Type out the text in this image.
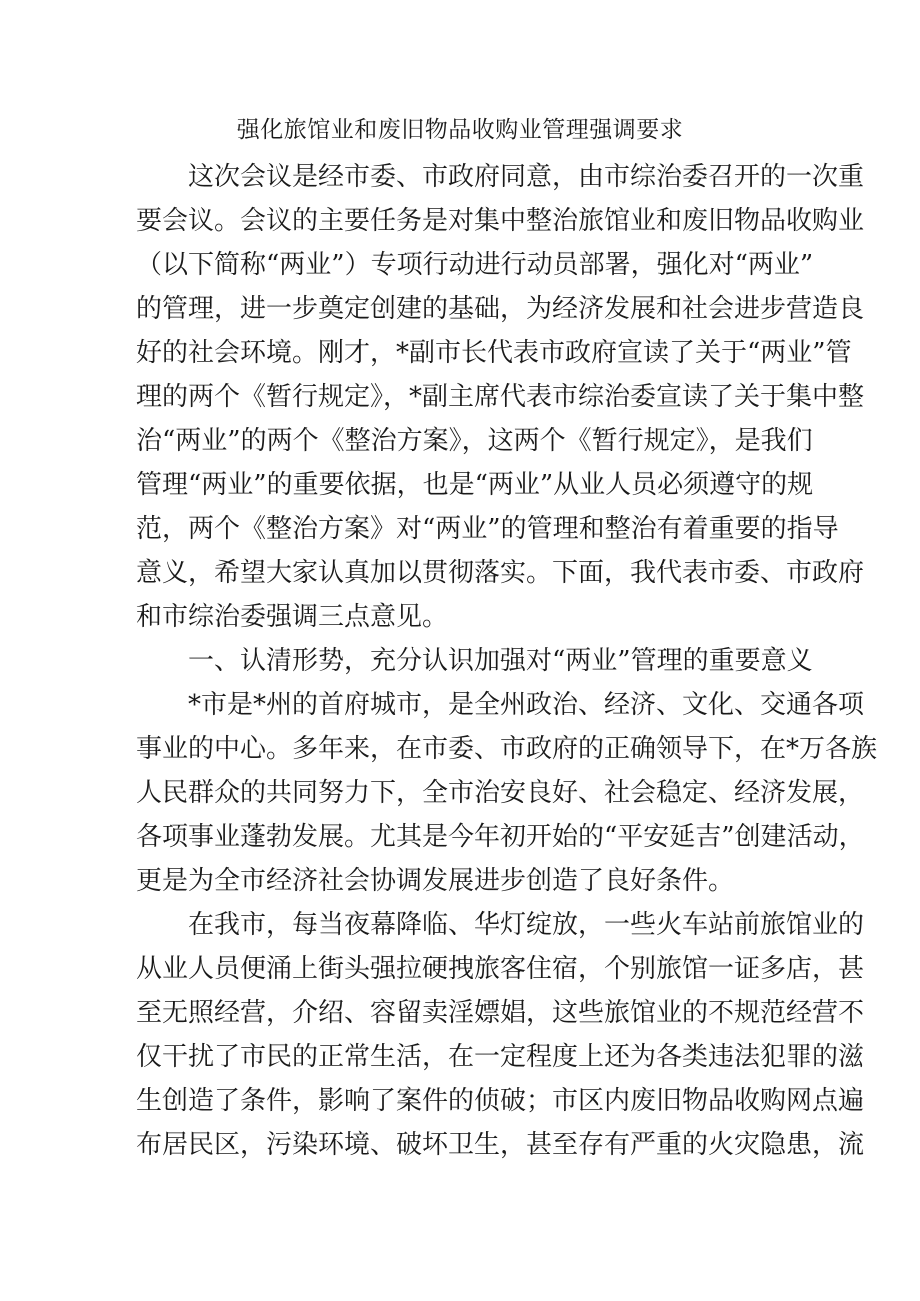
强化旅馆业和废旧物品收购业管理强调要求

这次会议是经市委、市政府同意，由市综治委召开的一次重

要会议。会议的主要任务是对集中整治旅馆业和废旧物品收购业

（以下简称“两业”）专项行动进行动员部署，强化对“两业”

的管理，进一步奠定创建的基础，为经济发展和社会进步营造良

好的社会环境。刚才，*副市长代表市政府宣读了关于“两业”管

理的两个《暂行规定》，*副主席代表市综治委宣读了关于集中整

治“两业”的两个《整治方案》，这两个《暂行规定》，是我们

管理“两业”的重要依据，也是“两业”从业人员必须遵守的规

范，两个《整治方案》对“两业”的管理和整治有着重要的指导

意义，希望大家认真加以贯彻落实。下面，我代表市委、市政府

和市综治委强调三点意见。

一、认清形势，充分认识加强对“两业”管理的重要意义

*市是*州的首府城市，是全州政治、经济、文化、交通各项

事业的中心。多年来，在市委、市政府的正确领导下，在*万各族

人民群众的共同努力下，全市治安良好、社会稳定、经济发展，

各项事业蓬勃发展。尤其是今年初开始的“平安延吉”创建活动，

更是为全市经济社会协调发展进步创造了良好条件。

在我市，每当夜幕降临、华灯绽放，一些火车站前旅馆业的

从业人员便涌上街头强拉硬拽旅客住宿，个别旅馆一证多店，甚

至无照经营，介绍、容留卖淫嫖娼，这些旅馆业的不规范经营不

仅干扰了市民的正常生活，在一定程度上还为各类违法犯罪的滋

生创造了条件，影响了案件的侦破；市区内废旧物品收购网点遍

布居民区，污染环境、破坏卫生，甚至存有严重的火灾隐患，流
